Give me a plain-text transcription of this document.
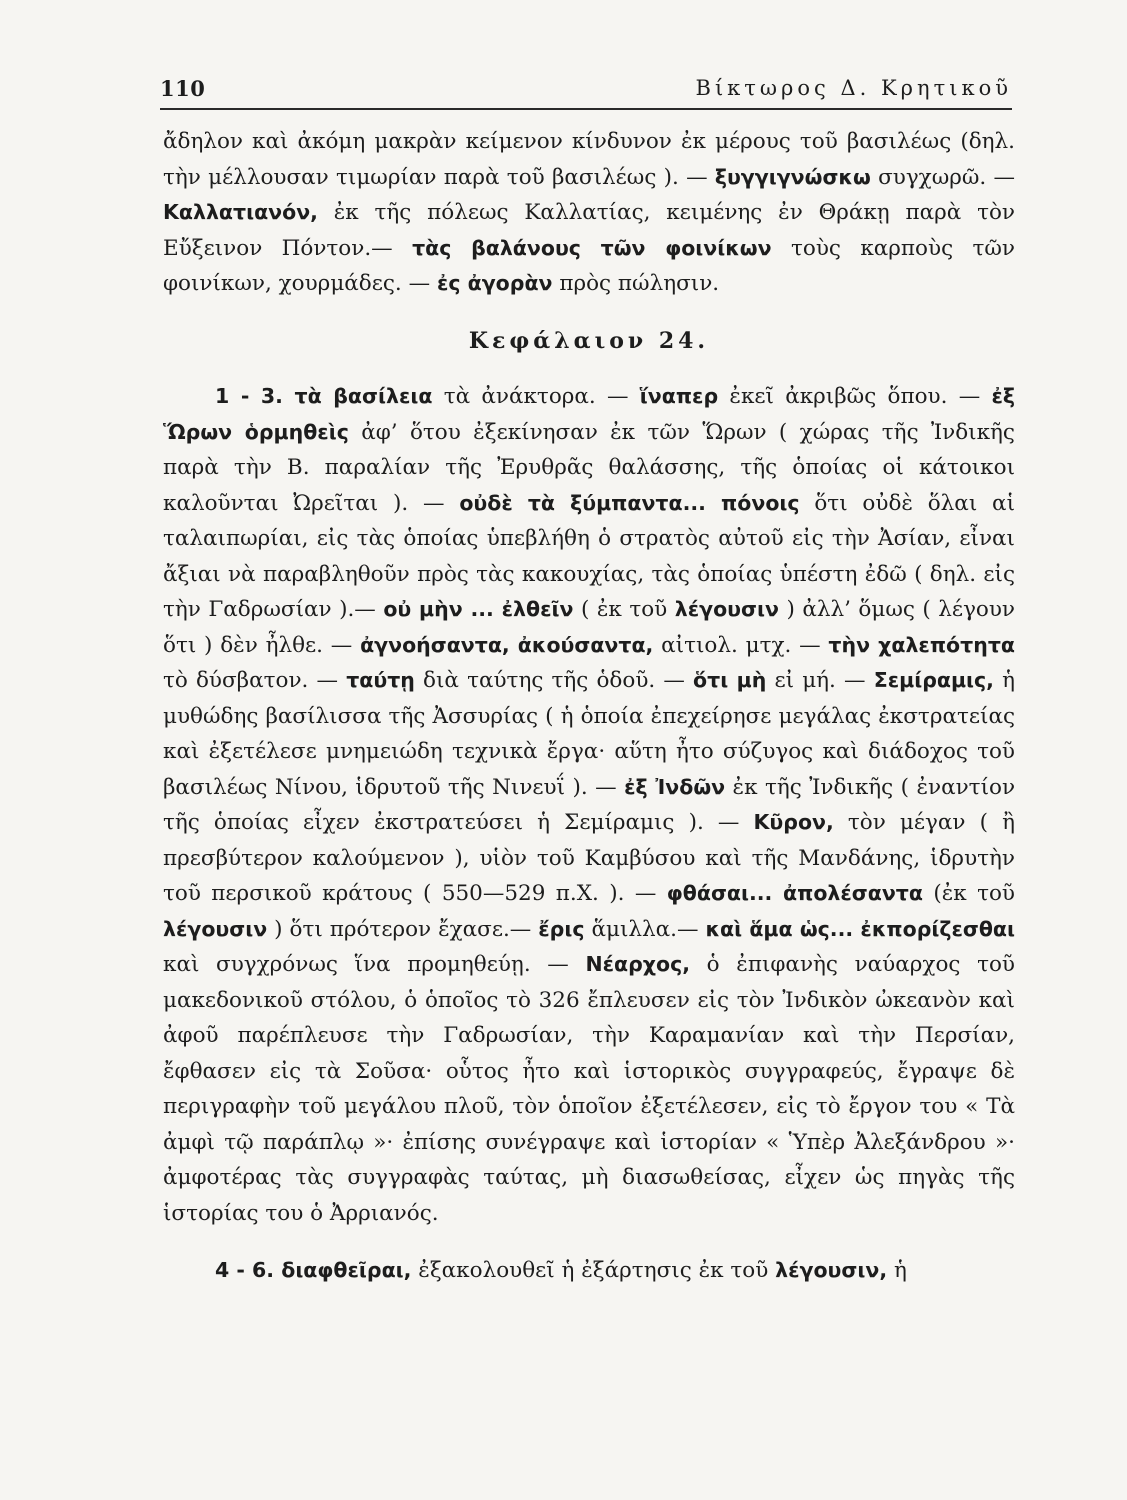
110	Βίκτωρος Δ. Κρητικοῦ

ἄδηλον καὶ ἀκόμη μακρὰν κείμενον κίνδυνον ἐκ μέρους τοῦ βασιλέως (δηλ. τὴν μέλλουσαν τιμωρίαν παρὰ τοῦ βασιλέως ). — ξυγγιγνώσκω συγχωρῶ. — Καλλατιανόν, ἐκ τῆς πόλεως Καλλατίας, κειμένης ἐν Θράκῃ παρὰ τὸν Εὔξεινον Πόντον.— τὰς βαλάνους τῶν φοινίκων τοὺς καρποὺς τῶν φοινίκων, χουρμάδες. — ἐς ἀγορὰν πρὸς πώλησιν.

Κεφάλαιον 24.

1 - 3. τὰ βασίλεια τὰ ἀνάκτορα. — ἵναπερ ἐκεῖ ἀκριβῶς ὅπου. — ἐξ Ὥρων ὁρμηθεὶς ἀφ’ ὅτου ἐξεκίνησαν ἐκ τῶν Ὥρων ( χώρας τῆς Ἰνδικῆς παρὰ τὴν Β. παραλίαν τῆς Ἐρυθρᾶς θαλάσσης, τῆς ὁποίας οἱ κάτοικοι καλοῦνται Ὠρεῖται ). — οὐδὲ τὰ ξύμπαντα... πόνοις ὅτι οὐδὲ ὅλαι αἱ ταλαιπωρίαι, εἰς τὰς ὁποίας ὑπεβλήθη ὁ στρατὸς αὐτοῦ εἰς τὴν Ἀσίαν, εἶναι ἄξιαι νὰ παραβληθοῦν πρὸς τὰς κακουχίας, τὰς ὁποίας ὑπέστη ἐδῶ ( δηλ. εἰς τὴν Γαδρωσίαν ).— οὐ μὴν ... ἐλθεῖν ( ἐκ τοῦ λέγουσιν ) ἀλλ’ ὅμως ( λέγουν ὅτι ) δὲν ἦλθε. — ἀγνοήσαντα, ἀκούσαντα, αἰτιολ. μτχ. — τὴν χαλεπότητα τὸ δύσβατον. — ταύτῃ διὰ ταύτης τῆς ὁδοῦ. — ὅτι μὴ εἰ μή. — Σεμίραμις, ἡ μυθώδης βασίλισσα τῆς Ἀσσυρίας ( ἡ ὁποία ἐπεχείρησε μεγάλας ἐκστρατείας καὶ ἐξετέλεσε μνημειώδη τεχνικὰ ἔργα· αὕτη ἦτο σύζυγος καὶ διάδοχος τοῦ βασιλέως Νίνου, ἱδρυτοῦ τῆς Νινευΐ ). — ἐξ Ἰνδῶν ἐκ τῆς Ἰνδικῆς ( ἐναντίον τῆς ὁποίας εἶχεν ἐκστρατεύσει ἡ Σεμίραμις ). — Κῦρον, τὸν μέγαν ( ἢ πρεσβύτερον καλούμενον ), υἱὸν τοῦ Καμβύσου καὶ τῆς Μανδάνης, ἱδρυτὴν τοῦ περσικοῦ κράτους ( 550—529 π.Χ. ). — φθάσαι... ἀπολέσαντα (ἐκ τοῦ λέγουσιν ) ὅτι πρότερον ἔχασε.— ἔρις ἅμιλλα.— καὶ ἅμα ὡς... ἐκπορίζεσθαι καὶ συγχρόνως ἵνα προμηθεύῃ. — Νέαρχος, ὁ ἐπιφανὴς ναύαρχος τοῦ μακεδονικοῦ στόλου, ὁ ὁποῖος τὸ 326 ἔπλευσεν εἰς τὸν Ἰνδικὸν ὠκεανὸν καὶ ἀφοῦ παρέπλευσε τὴν Γαδρωσίαν, τὴν Καραμανίαν καὶ τὴν Περσίαν, ἔφθασεν εἰς τὰ Σοῦσα· οὗτος ἦτο καὶ ἱστορικὸς συγγραφεύς, ἔγραψε δὲ περιγραφὴν τοῦ μεγάλου πλοῦ, τὸν ὁποῖον ἐξετέλεσεν, εἰς τὸ ἔργον του « Τὰ ἀμφὶ τῷ παράπλῳ »· ἐπίσης συνέγραψε καὶ ἱστορίαν « Ὑπὲρ Ἀλεξάνδρου »· ἀμφοτέρας τὰς συγγραφὰς ταύτας, μὴ διασωθείσας, εἶχεν ὡς πηγὰς τῆς ἱστορίας του ὁ Ἀρριανός.

4 - 6. διαφθεῖραι, ἐξακολουθεῖ ἡ ἐξάρτησις ἐκ τοῦ λέγουσιν, ἡ
